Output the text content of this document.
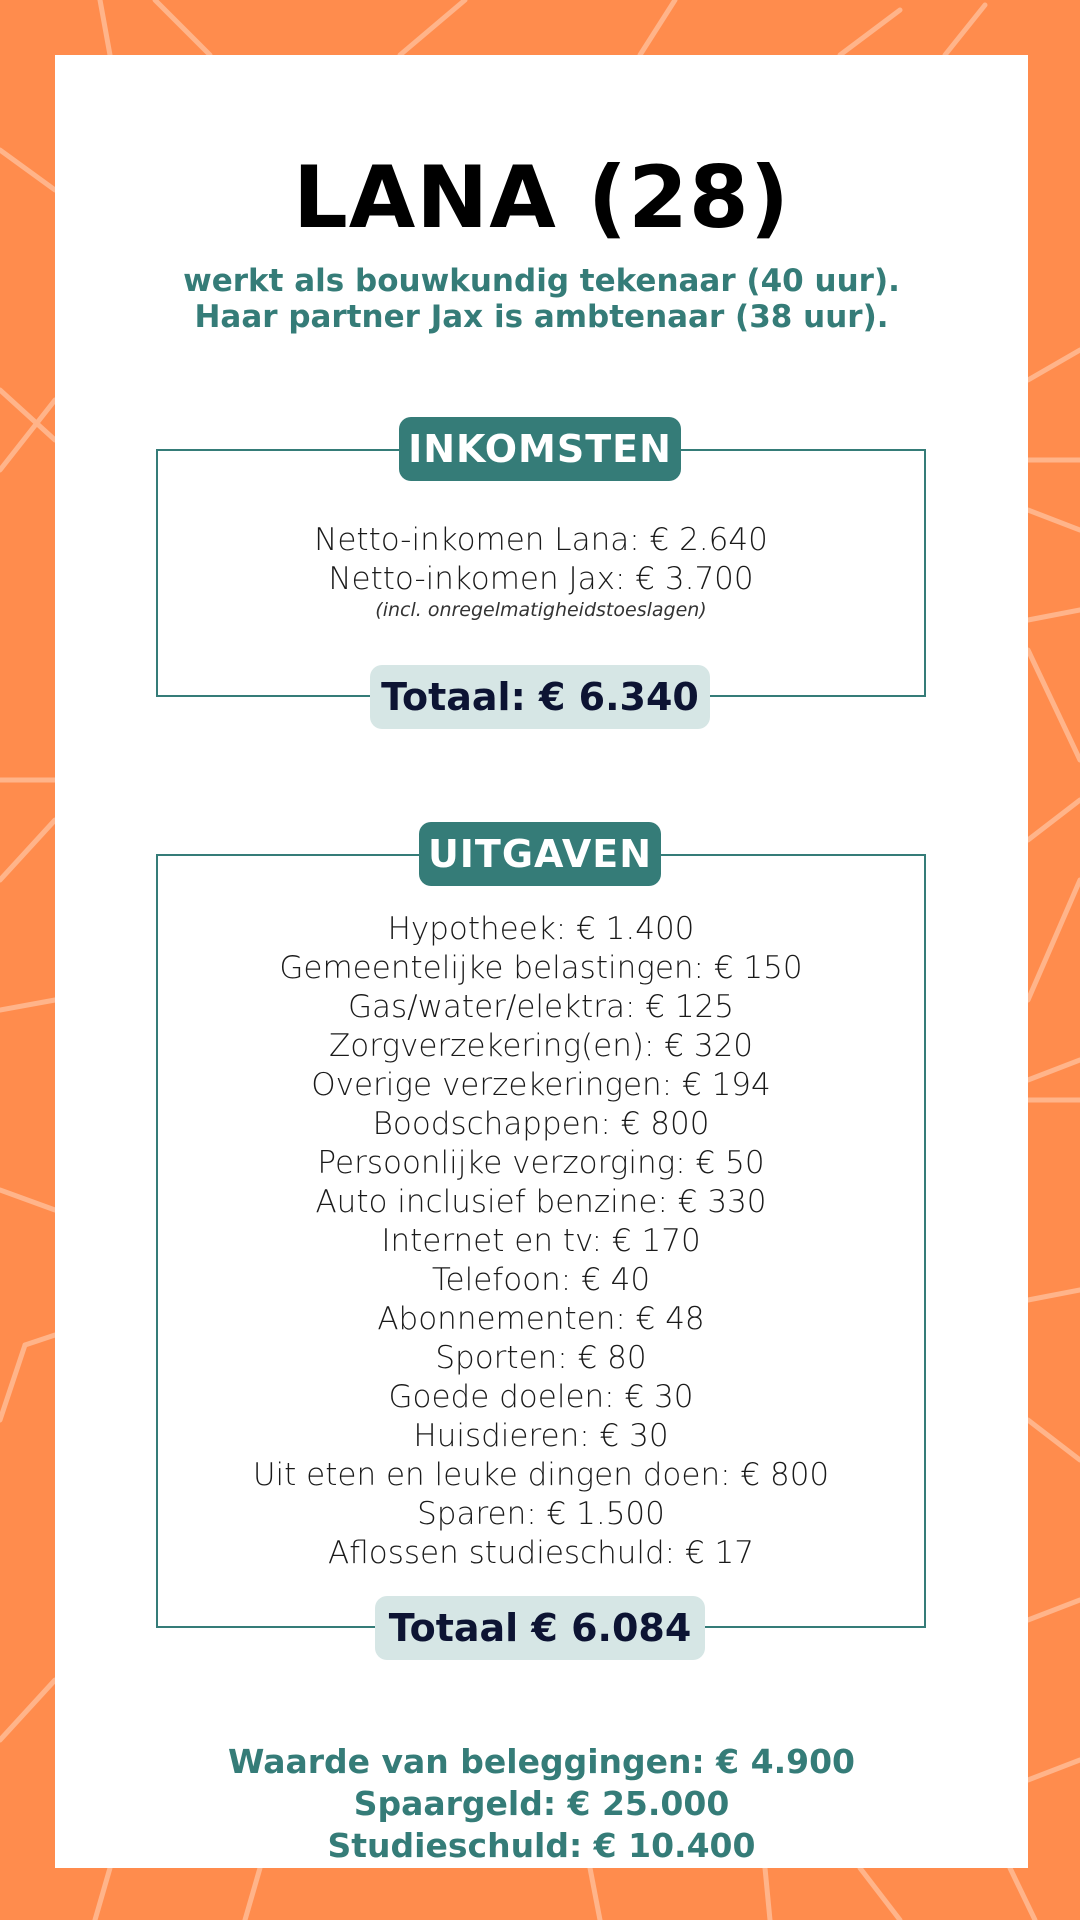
LANA (28)
werkt als bouwkundig tekenaar (40 uur).
Haar partner Jax is ambtenaar (38 uur).
INKOMSTEN
Netto-inkomen Lana: € 2.640
Netto-inkomen Jax: € 3.700
(incl. onregelmatigheidstoeslagen)
Totaal: € 6.340
UITGAVEN
Hypotheek: € 1.400
Gemeentelijke belastingen: € 150
Gas/water/elektra: € 125
Zorgverzekering(en): € 320
Overige verzekeringen: € 194
Boodschappen: € 800
Persoonlijke verzorging: € 50
Auto inclusief benzine: € 330
Internet en tv: € 170
Telefoon: € 40
Abonnementen: € 48
Sporten: € 80
Goede doelen: € 30
Huisdieren: € 30
Uit eten en leuke dingen doen: € 800
Sparen: € 1.500
Aflossen studieschuld: € 17
Totaal € 6.084
Waarde van beleggingen: € 4.900
Spaargeld: € 25.000
Studieschuld: € 10.400
